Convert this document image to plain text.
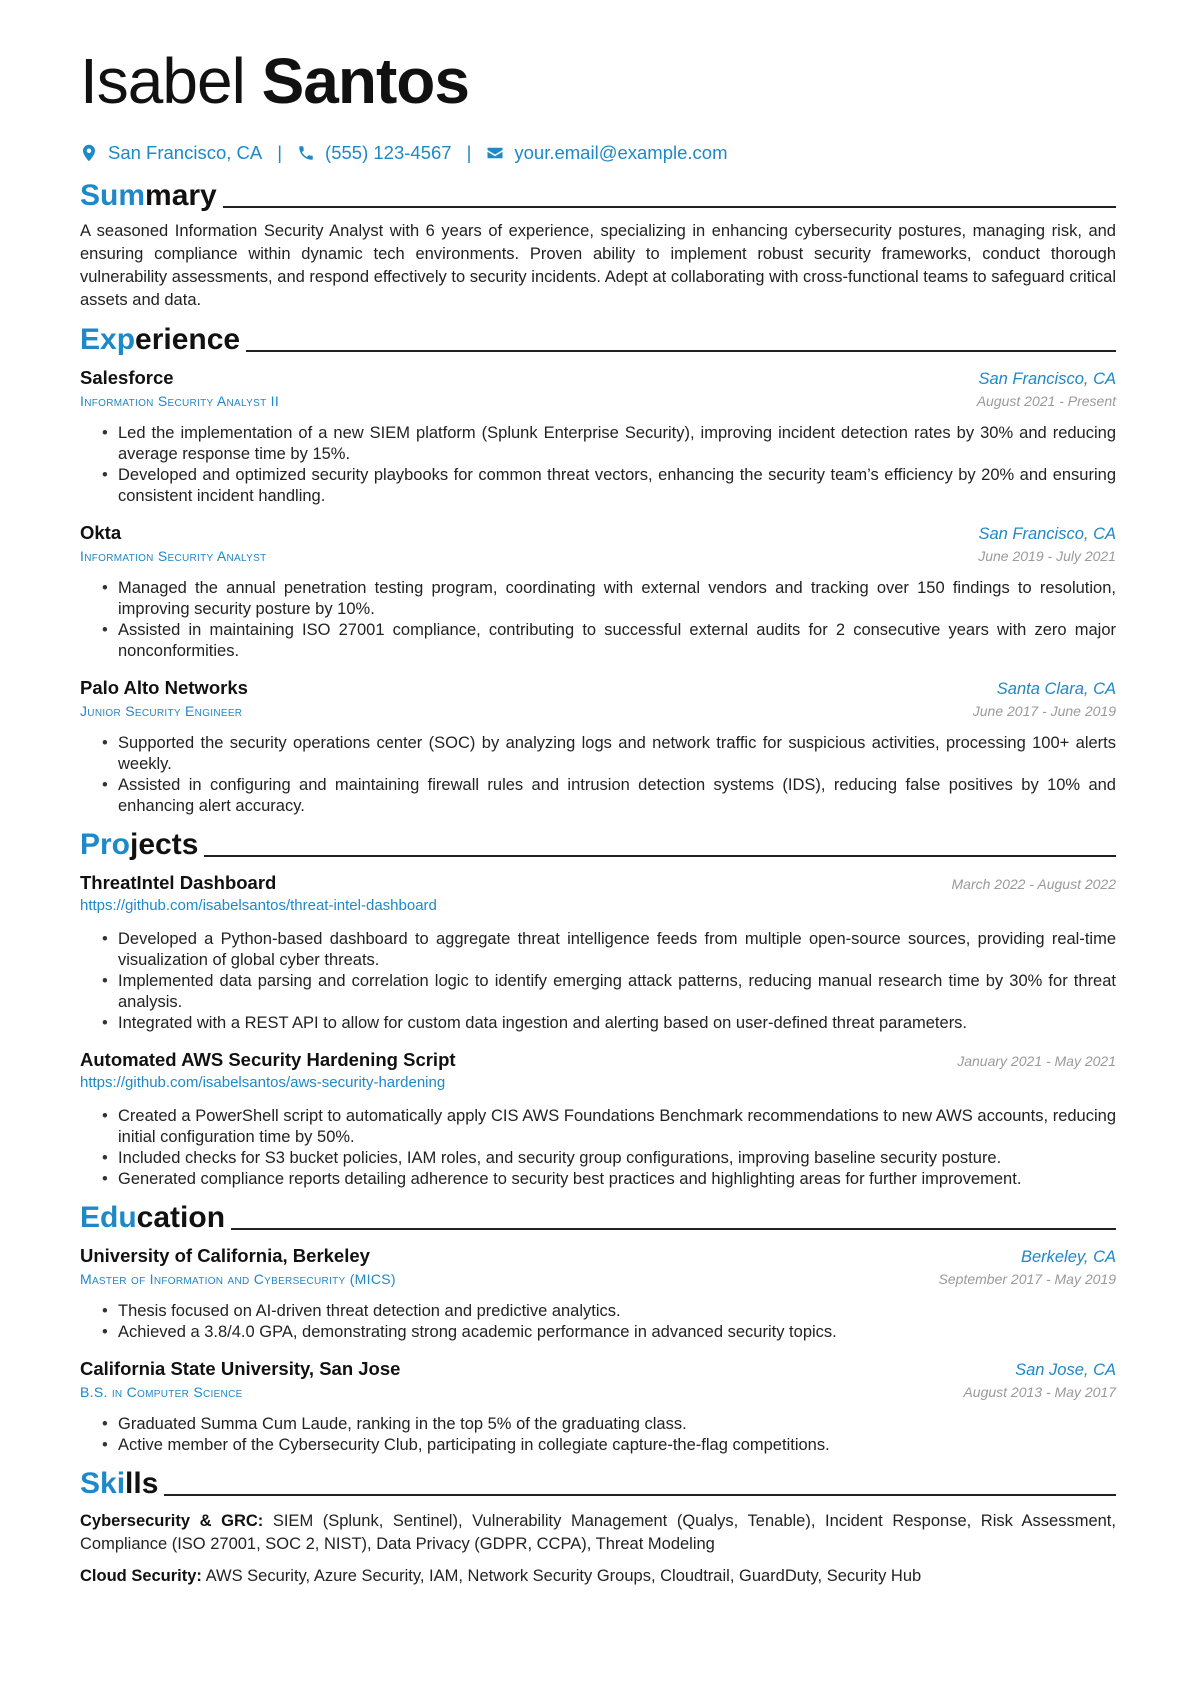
Isabel Santos
San Francisco, CA | (555) 123-4567 | your.email@example.com
Summary

A seasoned Information Security Analyst with 6 years of experience, specializing in enhancing cybersecurity postures, managing risk, and ensuring compliance within dynamic tech environments. Proven ability to implement robust security frameworks, conduct thorough vulnerability assessments, and respond effectively to security incidents. Adept at collaborating with cross-functional teams to safeguard critical assets and data.

Experience
Salesforce	San Francisco, CA
Information Security Analyst II	August 2021 - Present
• Led the implementation of a new SIEM platform (Splunk Enterprise Security), improving incident detection rates by 30% and reducing average response time by 15%.
• Developed and optimized security playbooks for common threat vectors, enhancing the security team’s efficiency by 20% and ensuring consistent incident handling.
Okta	San Francisco, CA
Information Security Analyst	June 2019 - July 2021
• Managed the annual penetration testing program, coordinating with external vendors and tracking over 150 findings to resolution, improving security posture by 10%.
• Assisted in maintaining ISO 27001 compliance, contributing to successful external audits for 2 consecutive years with zero major nonconformities.
Palo Alto Networks	Santa Clara, CA
Junior Security Engineer	June 2017 - June 2019
• Supported the security operations center (SOC) by analyzing logs and network traffic for suspicious activities, processing 100+ alerts weekly.
• Assisted in configuring and maintaining firewall rules and intrusion detection systems (IDS), reducing false positives by 10% and enhancing alert accuracy.
Projects
ThreatIntel Dashboard	March 2022 - August 2022
https://github.com/isabelsantos/threat-intel-dashboard
• Developed a Python-based dashboard to aggregate threat intelligence feeds from multiple open-source sources, providing real-time visualization of global cyber threats.
• Implemented data parsing and correlation logic to identify emerging attack patterns, reducing manual research time by 30% for threat analysis.
• Integrated with a REST API to allow for custom data ingestion and alerting based on user-defined threat parameters.
Automated AWS Security Hardening Script	January 2021 - May 2021
https://github.com/isabelsantos/aws-security-hardening
• Created a PowerShell script to automatically apply CIS AWS Foundations Benchmark recommendations to new AWS accounts, reducing initial configuration time by 50%.
• Included checks for S3 bucket policies, IAM roles, and security group configurations, improving baseline security posture.
• Generated compliance reports detailing adherence to security best practices and highlighting areas for further improvement.
Education
University of California, Berkeley	Berkeley, CA
Master of Information and Cybersecurity (MICS)	September 2017 - May 2019
• Thesis focused on AI-driven threat detection and predictive analytics.
• Achieved a 3.8/4.0 GPA, demonstrating strong academic performance in advanced security topics.
California State University, San Jose	San Jose, CA
B.S. in Computer Science	August 2013 - May 2017
• Graduated Summa Cum Laude, ranking in the top 5% of the graduating class.
• Active member of the Cybersecurity Club, participating in collegiate capture-the-flag competitions.
Skills

Cybersecurity & GRC: SIEM (Splunk, Sentinel), Vulnerability Management (Qualys, Tenable), Incident Response, Risk Assessment, Compliance (ISO 27001, SOC 2, NIST), Data Privacy (GDPR, CCPA), Threat Modeling

Cloud Security: AWS Security, Azure Security, IAM, Network Security Groups, Cloudtrail, GuardDuty, Security Hub
